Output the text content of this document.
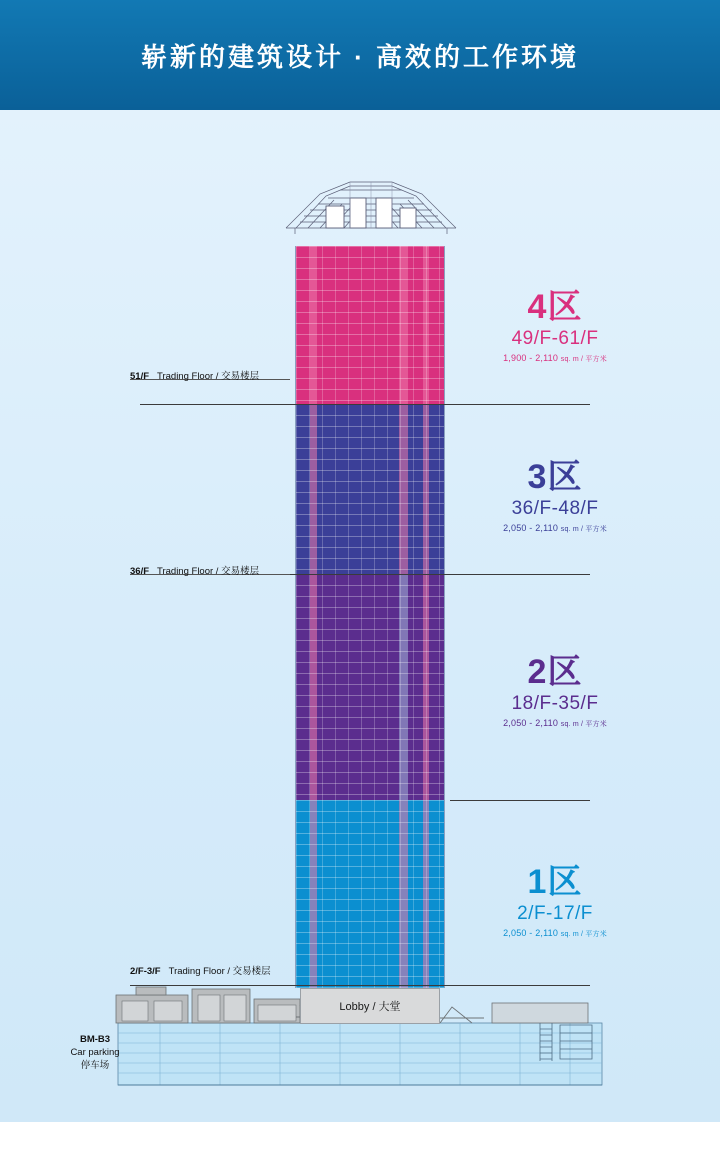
崭新的建筑设计 · 高效的工作环境
Lobby / 大堂
51/F Trading Floor / 交易楼层
36/F Trading Floor / 交易楼层
2/F-3/F Trading Floor / 交易楼层
BM-B3
Car parking
停车场
4区
49/F-61/F
1,900 - 2,110 sq. m / 平方米
3区
36/F-48/F
2,050 - 2,110 sq. m / 平方米
2区
18/F-35/F
2,050 - 2,110 sq. m / 平方米
1区
2/F-17/F
2,050 - 2,110 sq. m / 平方米
